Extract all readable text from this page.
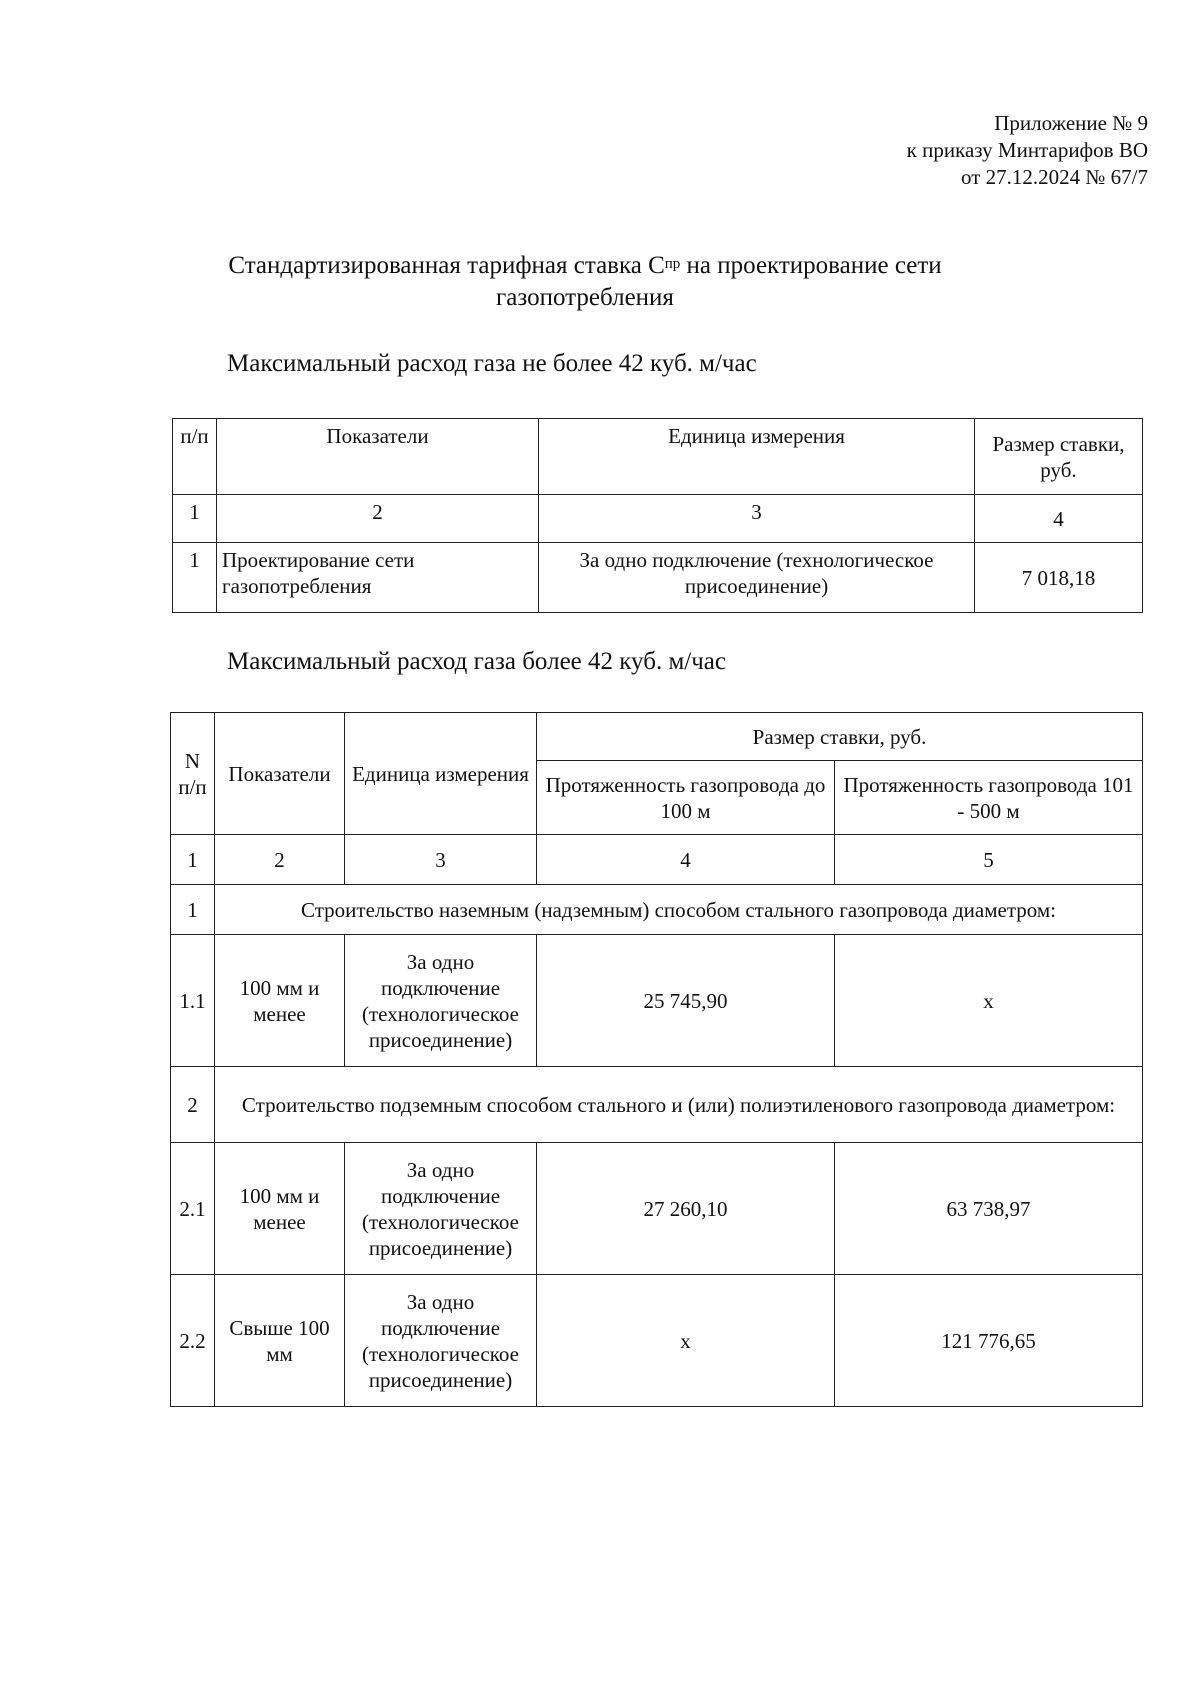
Приложение № 9
к приказу Минтарифов ВО
от 27.12.2024 № 67/7
Стандартизированная тарифная ставка $С^{пр}$ на проектирование сети газопотребления
Максимальный расход газа не более 42 куб. м/час
п/п	Показатели	Единица измерения	Размер ставки, руб.
1	2	3	4
1	Проектирование сети газопотребления	За одно подключение (технологическое присоединение)	7 018,18
Максимальный расход газа более 42 куб. м/час
N п/п	Показатели	Единица измерения	Размер ставки, руб.	
			Протяженность газопровода до 100 м	Протяженность газопровода 101 - 500 м
1	2	3	4	5
1	Строительство наземным (надземным) способом стального газопровода диаметром:			
1.1	100 мм и менее	За одно подключение (технологическое присоединение)	25 745,90	х
2	Строительство подземным способом стального и (или) полиэтиленового газопровода диаметром:			
2.1	100 мм и менее	За одно подключение (технологическое присоединение)	27 260,10	63 738,97
2.2	Свыше 100 мм	За одно подключение (технологическое присоединение)	х	121 776,65
